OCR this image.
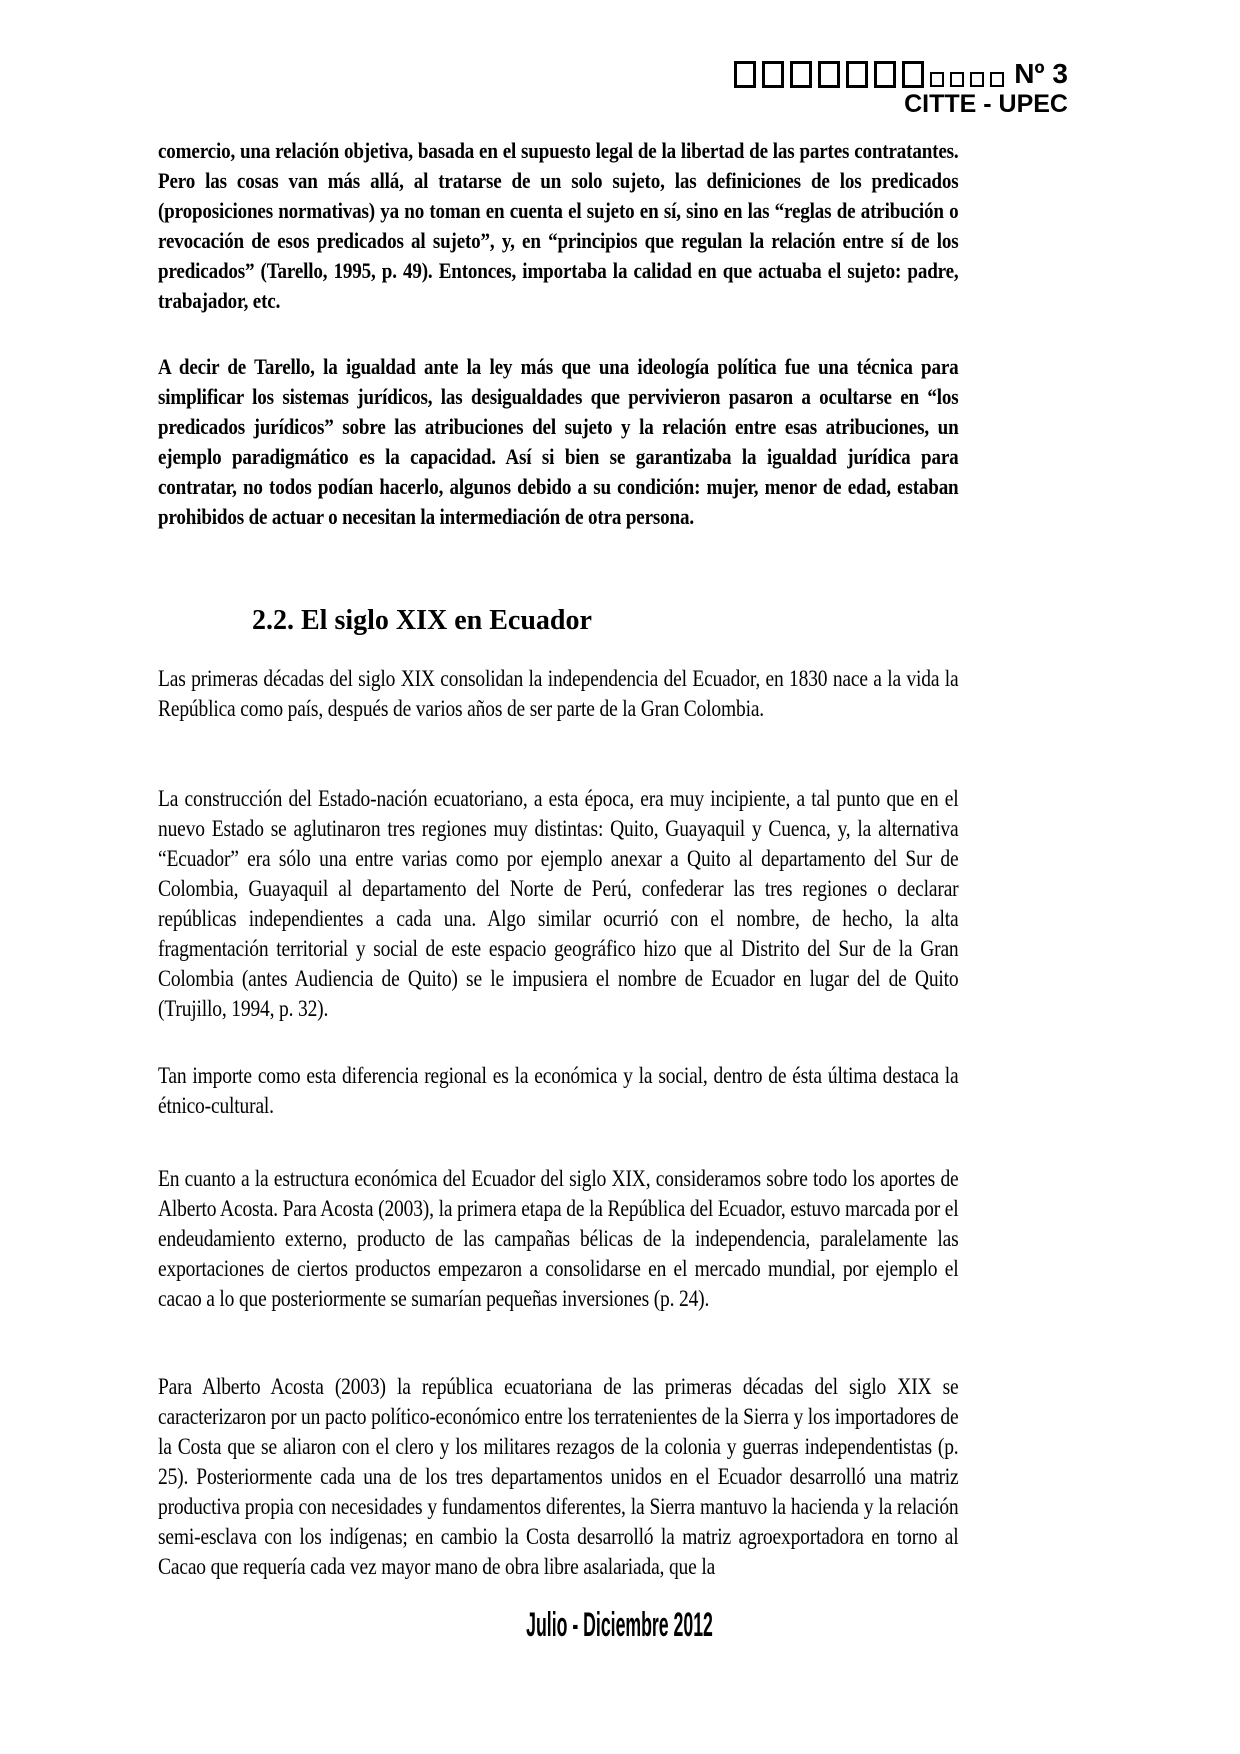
Nº 3
CITTE - UPEC

comercio, una relación objetiva, basada en el supuesto legal de la libertad de las partes contratantes. Pero las cosas van más allá, al tratarse de un solo sujeto, las definiciones de los predicados (proposiciones normativas) ya no toman en cuenta el sujeto en sí, sino en las “reglas de atribución o revocación de esos predicados al sujeto”, y, en “principios que regulan la relación entre sí de los predicados” (Tarello, 1995, p. 49). Entonces, importaba la calidad en que actuaba el sujeto: padre, trabajador, etc.

A decir de Tarello, la igualdad ante la ley más que una ideología política fue una técnica para simplificar los sistemas jurídicos, las desigualdades que pervivieron pasaron a ocultarse en “los predicados jurídicos” sobre las atribuciones del sujeto y la relación entre esas atribuciones, un ejemplo paradigmático es la capacidad. Así si bien se garantizaba la igualdad jurídica para contratar, no todos podían hacerlo, algunos debido a su condición: mujer, menor de edad, estaban prohibidos de actuar o necesitan la intermediación de otra persona.

2.2. El siglo XIX en Ecuador

Las primeras décadas del siglo XIX consolidan la independencia del Ecuador, en 1830 nace a la vida la República como país, después de varios años de ser parte de la Gran Colombia.

La construcción del Estado-nación ecuatoriano, a esta época, era muy incipiente, a tal punto que en el nuevo Estado se aglutinaron tres regiones muy distintas: Quito, Guayaquil y Cuenca, y, la alternativa “Ecuador” era sólo una entre varias como por ejemplo anexar a Quito al departamento del Sur de Colombia, Guayaquil al departamento del Norte de Perú, confederar las tres regiones o declarar repúblicas independientes a cada una. Algo similar ocurrió con el nombre, de hecho, la alta fragmentación territorial y social de este espacio geográfico hizo que al Distrito del Sur de la Gran Colombia (antes Audiencia de Quito) se le impusiera el nombre de Ecuador en lugar del de Quito (Trujillo, 1994, p. 32).

Tan importe como esta diferencia regional es la económica y la social, dentro de ésta última destaca la étnico-cultural.

En cuanto a la estructura económica del Ecuador del siglo XIX, consideramos sobre todo los aportes de Alberto Acosta. Para Acosta (2003), la primera etapa de la República del Ecuador, estuvo marcada por el endeudamiento externo, producto de las campañas bélicas de la independencia, paralelamente las exportaciones de ciertos productos empezaron a consolidarse en el mercado mundial, por ejemplo el cacao a lo que posteriormente se sumarían pequeñas inversiones (p. 24).

Para Alberto Acosta (2003) la república ecuatoriana de las primeras décadas del siglo XIX se caracterizaron por un pacto político-económico entre los terratenientes de la Sierra y los importadores de la Costa que se aliaron con el clero y los militares rezagos de la colonia y guerras independentistas (p. 25). Posteriormente cada una de los tres departamentos unidos en el Ecuador desarrolló una matriz productiva propia con necesidades y fundamentos diferentes, la Sierra mantuvo la hacienda y la relación semi-esclava con los indígenas; en cambio la Costa desarrolló la matriz agroexportadora en torno al Cacao que requería cada vez mayor mano de obra libre asalariada, que la

Julio - Diciembre 2012
